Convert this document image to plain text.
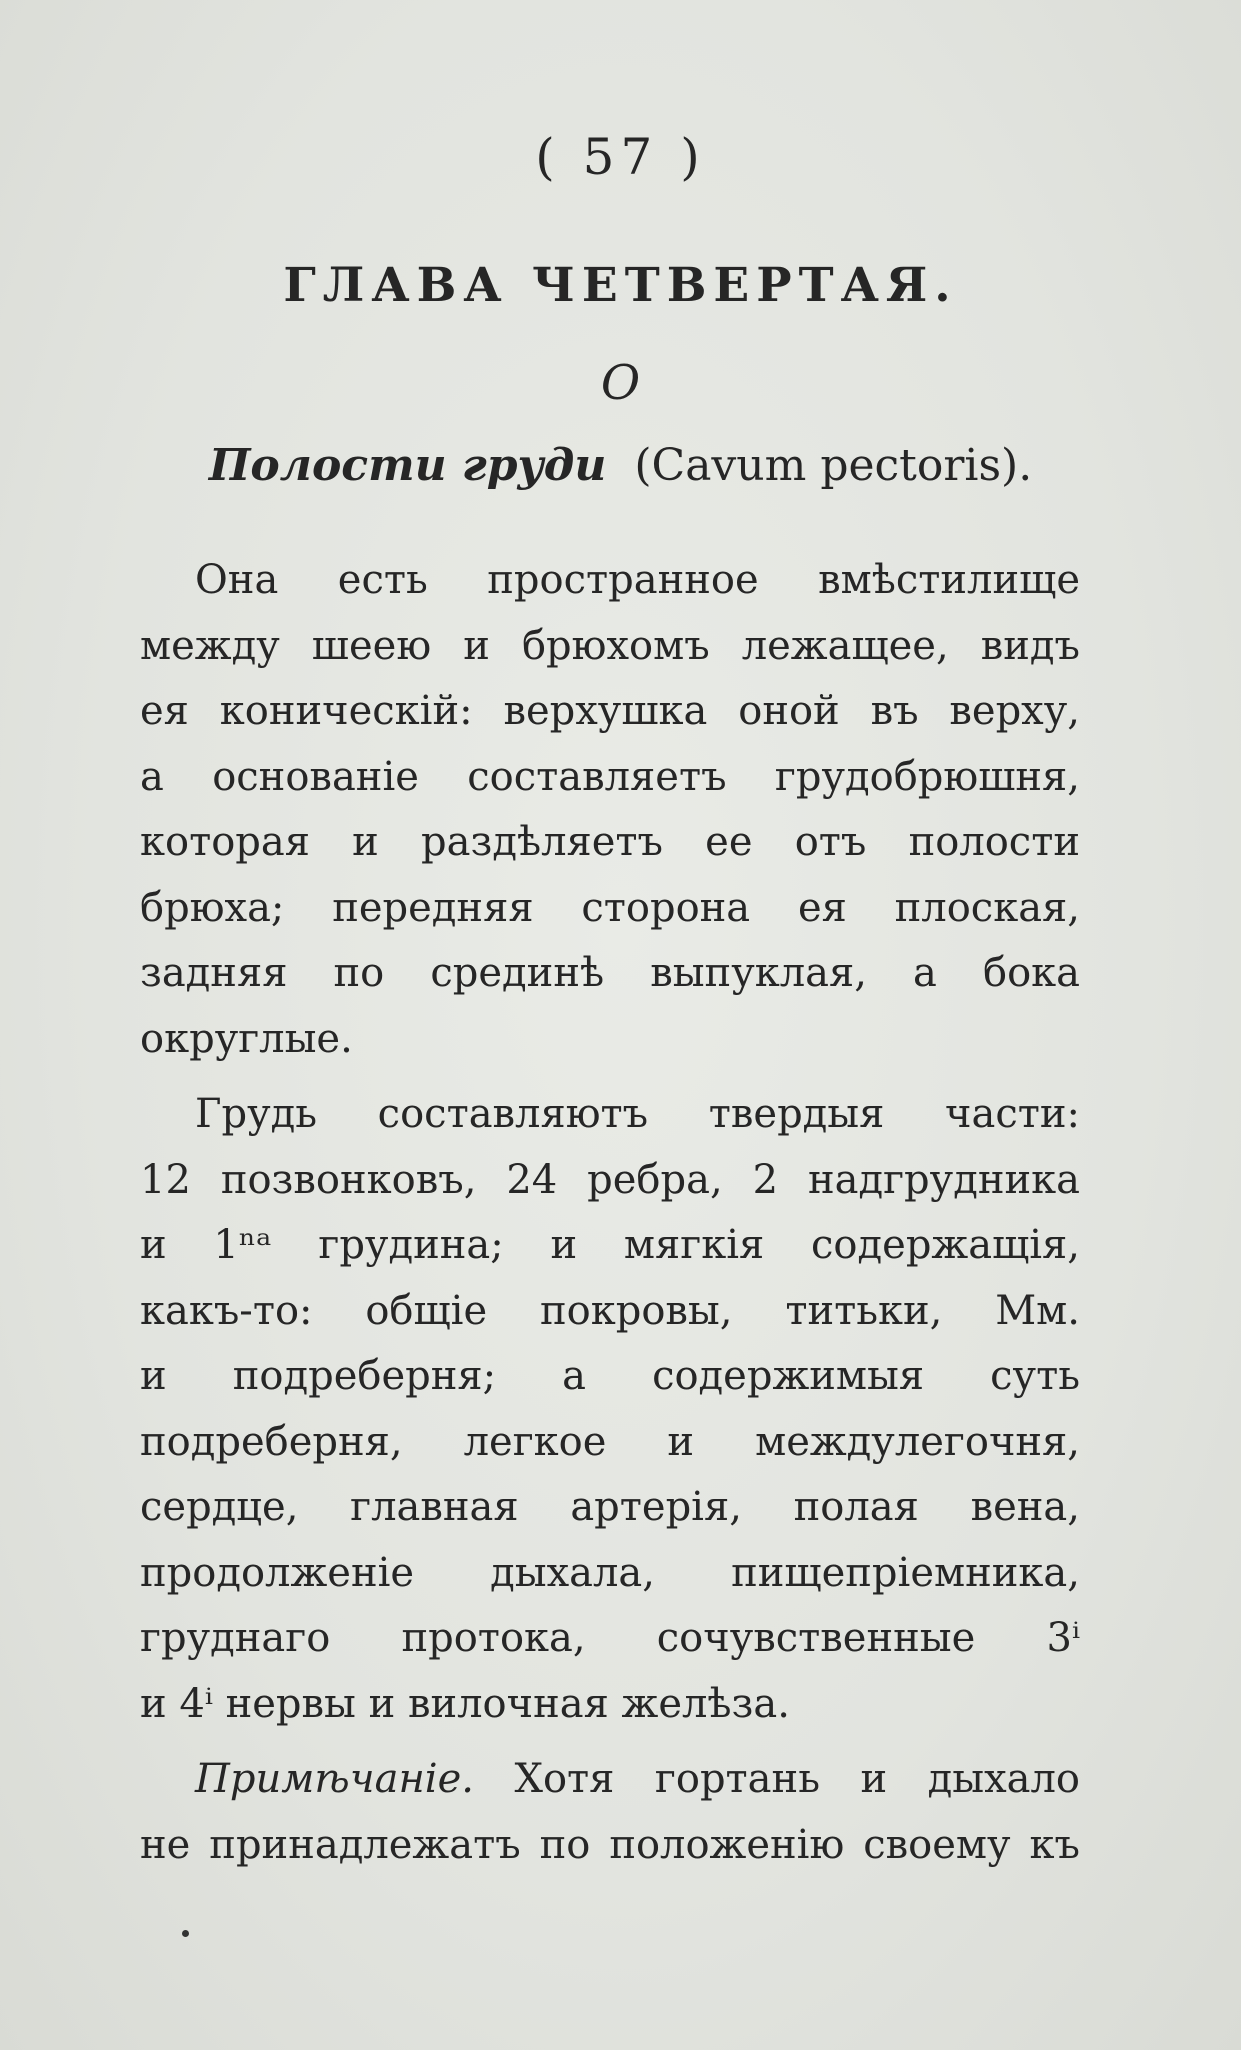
( 57 )
ГЛАВА ЧЕТВЕРТАЯ.
О
Полости груди (Cavum pectoris).
Она есть пространное вмѣстилище
между шеею и брюхомъ лежащее, видъ
ея коническій: верхушка оной въ верху,
а основаніе составляетъ грудобрюшня,
которая и раздѣляетъ ее отъ полости
брюха; передняя сторона ея плоская,
задняя по срединѣ выпуклая, а бока
округлые.
Грудь составляютъ твердыя части:
12 позвонковъ, 24 ребра, 2 надгрудника
и 1ⁿᵃ грудина; и мягкія содержащія,
какъ-то: общіе покровы, титьки, Мм.
и подреберня; а содержимыя суть
подреберня, легкое и междулегочня,
сердце, главная артерія, полая вена,
продолженіе дыхала, пищепріемника,
груднаго протока, сочувственные 3ⁱ
и 4ⁱ нервы и вилочная желѣза.
Примѣчаніе. Хотя гортань и дыхало
не принадлежатъ по положенію своему къ
